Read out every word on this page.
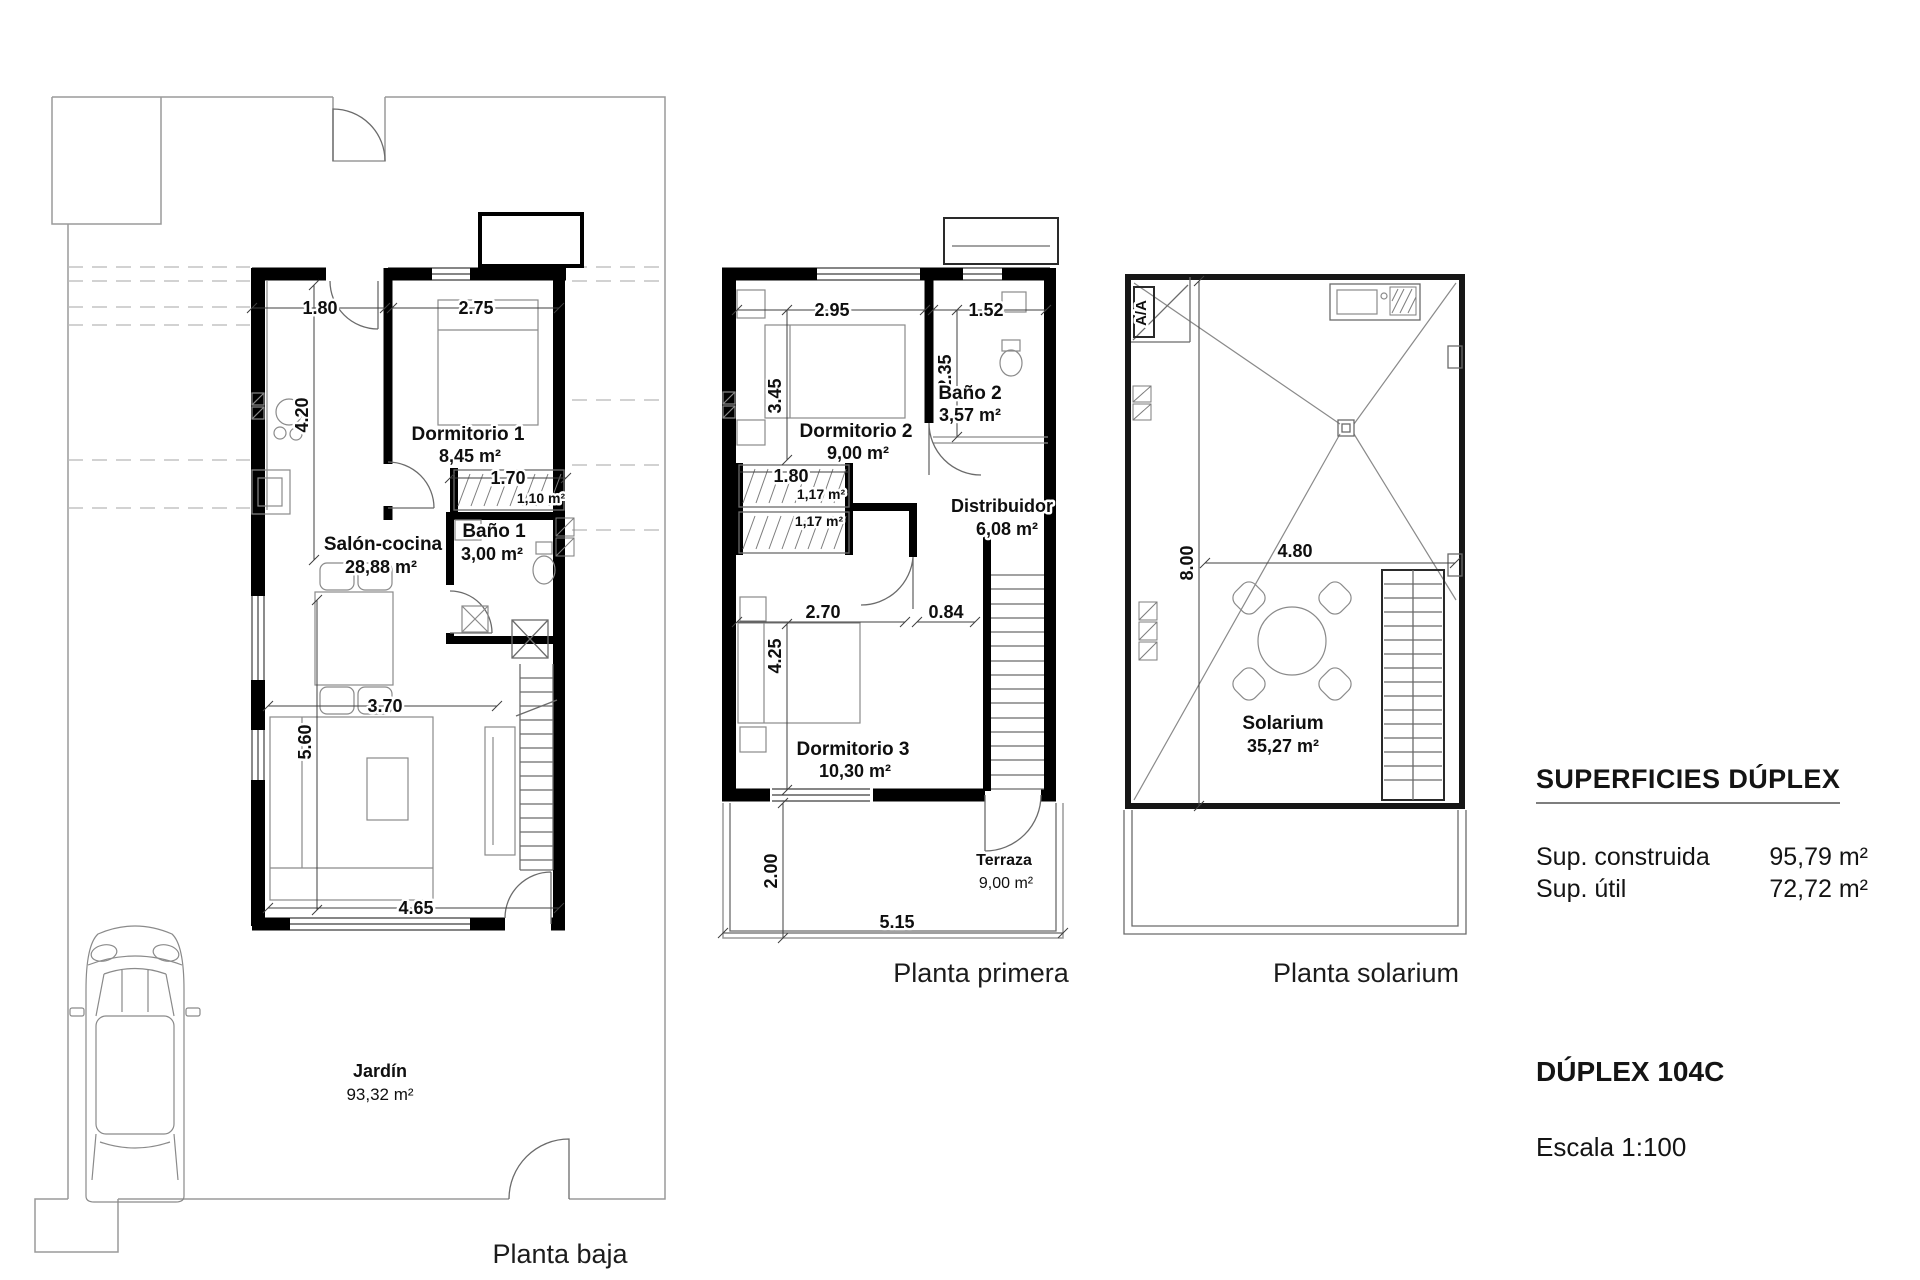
1.80	2.75
4.20
Dormitorio 1
8,45 m²
1.70
1,10 m²
Baño 1
3,00 m²
Salón-cocina
28,88 m²
3.70
5.60
4.65
Jardín
93,32 m²
Planta baja
2.95	1.52
3.45
2.35
Dormitorio 2
9,00 m²
Baño 2
3,57 m²
1.80
1,17 m²
1,17 m²
Distribuidor
6,08 m²
2.70	0.84
4.25
Dormitorio 3
10,30 m²
2.00	Terraza
9,00 m²
5.15
Planta primera
A/A
8.00	4.80
Solarium
35,27 m²
Planta solarium
SUPERFICIES DÚPLEX
Sup. construida 95,79 m²
Sup. útil	72,72 m²
DÚPLEX 104C
Escala 1:100
